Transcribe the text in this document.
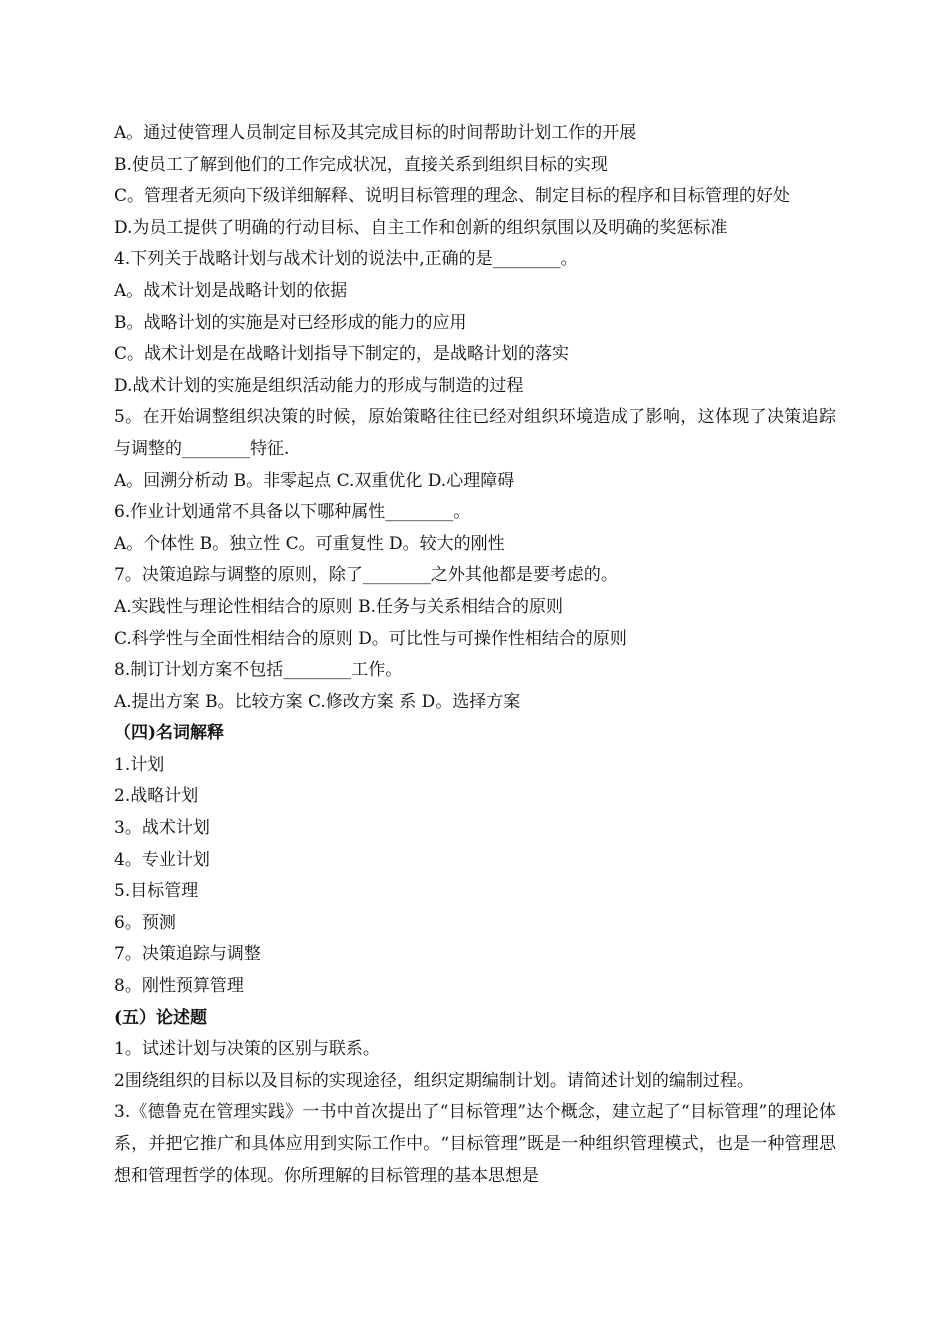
A。通过使管理人员制定目标及其完成目标的时间帮助计划工作的开展
B.使员工了解到他们的工作完成状况，直接关系到组织目标的实现
C。管理者无须向下级详细解释、说明目标管理的理念、制定目标的程序和目标管理的好处
D.为员工提供了明确的行动目标、自主工作和创新的组织氛围以及明确的奖惩标准
4.下列关于战略计划与战术计划的说法中,正确的是________。
A。战术计划是战略计划的依据
B。战略计划的实施是对已经形成的能力的应用
C。战术计划是在战略计划指导下制定的，是战略计划的落实
D.战术计划的实施是组织活动能力的形成与制造的过程
5。在开始调整组织决策的时候，原始策略往往已经对组织环境造成了影响，这体现了决策追踪与调整的________特征.
A。回溯分析动 B。非零起点 C.双重优化 D.心理障碍
6.作业计划通常不具备以下哪种属性________。
A。个体性 B。独立性 C。可重复性 D。较大的刚性
7。决策追踪与调整的原则，除了________之外其他都是要考虑的。
A.实践性与理论性相结合的原则 B.任务与关系相结合的原则
C.科学性与全面性相结合的原则 D。可比性与可操作性相结合的原则
8.制订计划方案不包括________工作。
A.提出方案 B。比较方案 C.修改方案 系 D。选择方案
（四)名词解释
1.计划
2.战略计划
3。战术计划
4。专业计划
5.目标管理
6。预测
7。决策追踪与调整
8。刚性预算管理
(五）论述题
1。试述计划与决策的区别与联系。
2围绕组织的目标以及目标的实现途径，组织定期编制计划。请简述计划的编制过程。
3.《德鲁克在管理实践》一书中首次提出了“目标管理”达个概念，建立起了“目标管理”的理论体系，并把它推广和具体应用到实际工作中。“目标管理”既是一种组织管理模式，也是一种管理思想和管理哲学的体现。你所理解的目标管理的基本思想是
